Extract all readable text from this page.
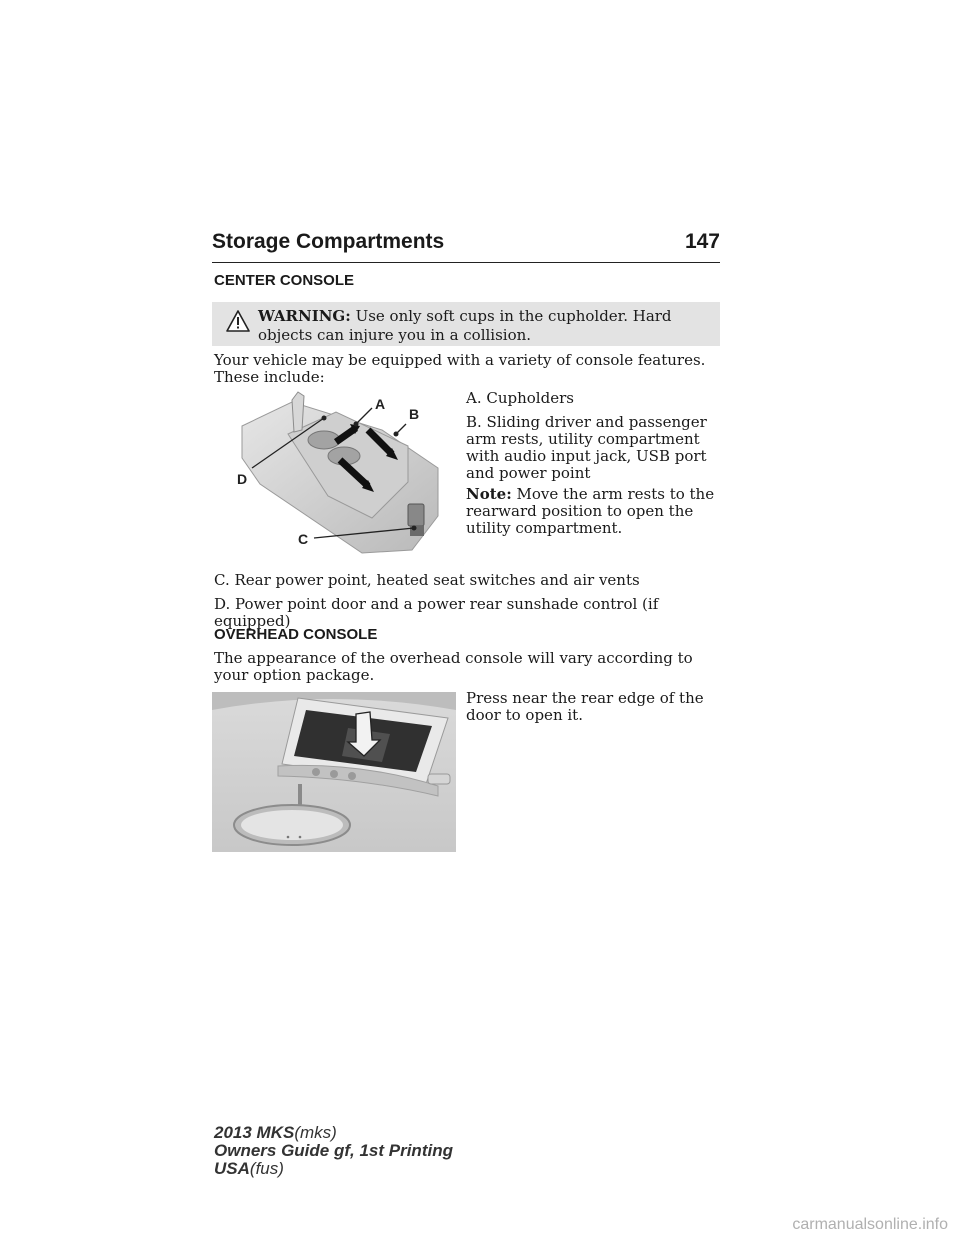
Storage Compartments	147
CENTER CONSOLE
WARNING: Use only soft cups in the cupholder. Hard objects can injure you in a collision.

Your vehicle may be equipped with a variety of console features. These include:

A
B
D
C

A. Cupholders

B. Sliding driver and passenger arm rests, utility compartment with audio input jack, USB port and power point

Note: Move the arm rests to the rearward position to open the utility compartment.

C. Rear power point, heated seat switches and air vents

D. Power point door and a power rear sunshade control (if equipped)

OVERHEAD CONSOLE

The appearance of the overhead console will vary according to your option package.

Press near the rear edge of the door to open it.

2013 MKS(mks)
Owners Guide gf, 1st Printing
USA(fus)
carmanualsonline.info
